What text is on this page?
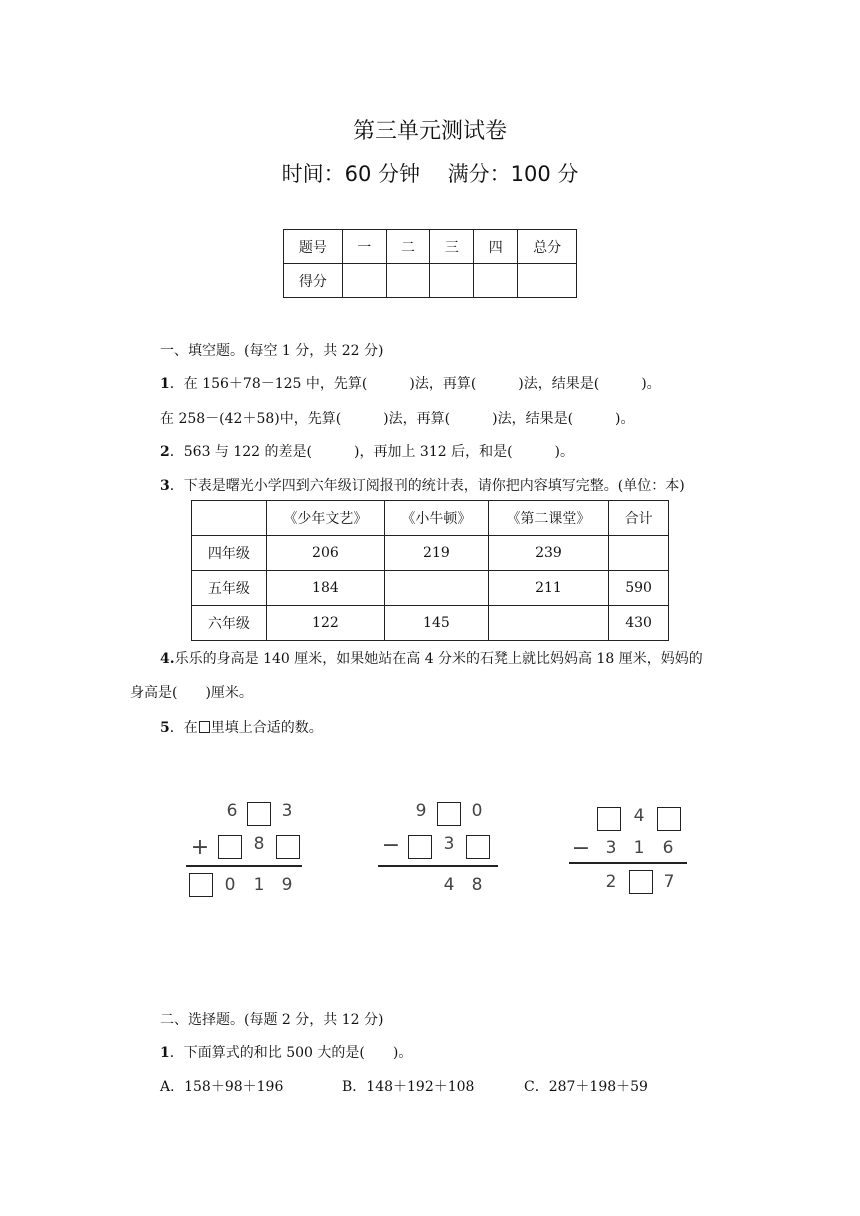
第三单元测试卷
时间：60 分钟　 满分：100 分
题号	一	二	三	四	总分
得分					
一、填空题。(每空 1 分，共 22 分)
1．在 156＋78－125 中，先算(　　　)法，再算(　　　)法，结果是(　　　)。
在 258－(42＋58)中，先算(　　　)法，再算(　　　)法，结果是(　　　)。
2．563 与 122 的差是(　　　)，再加上 312 后，和是(　　　)。
3．下表是曙光小学四到六年级订阅报刊的统计表，请你把内容填写完整。(单位：本)
	《少年文艺》	《小牛顿》	《第二课堂》	合计
四年级	206	219	239	
五年级	184		211	590
六年级	122	145		430
4.乐乐的身高是 140 厘米，如果她站在高 4 分米的石凳上就比妈妈高 18 厘米，妈妈的
身高是(　　)厘米。
5．在 里填上合适的数。
6	3
+	8
0	1	9
9	0
−	3
4	8
4
− 3	1	6
2	7
二、选择题。(每题 2 分，共 12 分)
1．下面算式的和比 500 大的是(　　)。
A．158＋98＋196	B．148＋192＋108	C．287＋198＋59
